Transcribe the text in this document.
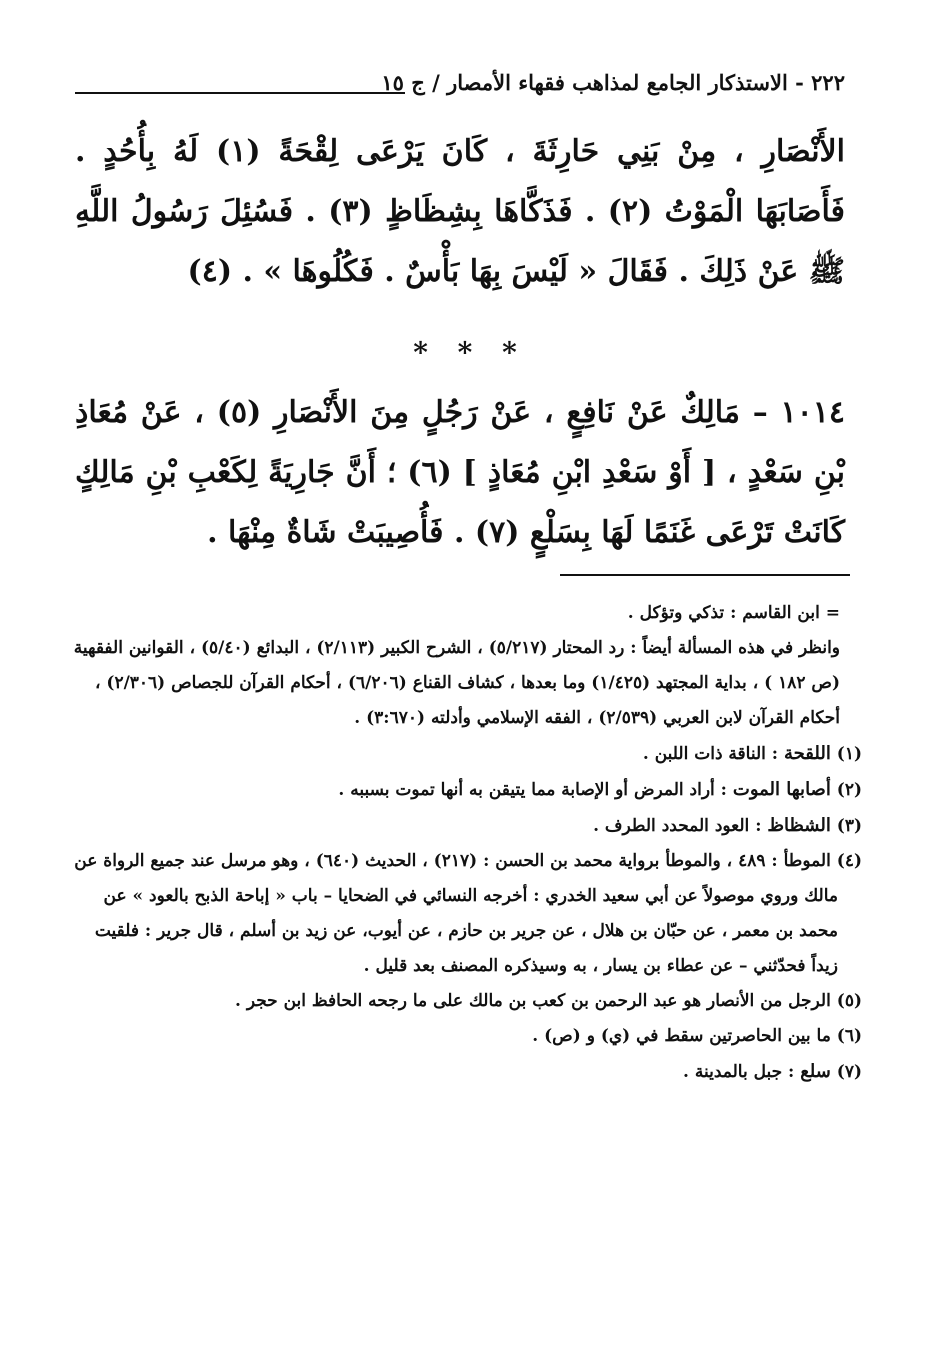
٢٢٢ - الاستذكار الجامع لمذاهب فقهاء الأمصار / ج ١٥

الأَنْصَارِ ، مِنْ بَنِي حَارِثَةَ ، كَانَ يَرْعَى لِقْحَةً (١) لَهُ بِأُحُدٍ . فَأَصَابَهَا الْمَوْتُ (٢) . فَذَكَّاهَا بِشِظَاظٍ (٣) . فَسُئِلَ رَسُولُ اللَّهِ ﷺ عَنْ ذَلِكَ . فَقَالَ « لَيْسَ بِهَا بَأْسٌ . فَكُلُوهَا » . (٤)

* * *

١٠١٤ – مَالِكٌ عَنْ نَافِعٍ ، عَنْ رَجُلٍ مِنَ الأَنْصَارِ (٥) ، عَنْ مُعَاذِ بْنِ سَعْدٍ ، [ أَوْ سَعْدِ ابْنِ مُعَاذٍ ] (٦) ؛ أَنَّ جَارِيَةً لِكَعْبِ بْنِ مَالِكٍ كَانَتْ تَرْعَى غَنَمًا لَهَا بِسَلْعٍ (٧) . فَأُصِيبَتْ شَاةٌ مِنْهَا .

= ابن القاسم : تذكي وتؤكل .

وانظر في هذه المسألة أيضاً : رد المحتار (٥/٢١٧) ، الشرح الكبير (٢/١١٣) ، البدائع (٥/٤٠) ، القوانين الفقهية (ص ١٨٢ ) ، بداية المجتهد (١/٤٢٥) وما بعدها ، كشاف القناع (٦/٢٠٦) ، أحكام القرآن للجصاص (٢/٣٠٦) ، أحكام القرآن لابن العربي (٢/٥٣٩) ، الفقه الإسلامي وأدلته (٣:٦٧٠) .

(١) اللقحة : الناقة ذات اللبن .

(٢) أصابها الموت : أراد المرض أو الإصابة مما يتيقن به أنها تموت بسببه .

(٣) الشظاظ : العود المحدد الطرف .

(٤) الموطأ : ٤٨٩ ، والموطأ برواية محمد بن الحسن : (٢١٧) ، الحديث (٦٤٠) ، وهو مرسل عند جميع الرواة عن مالك وروي موصولاً عن أبي سعيد الخدري : أخرجه النسائي في الضحايا – باب « إباحة الذبح بالعود » عن محمد بن معمر ، عن حبّان بن هلال ، عن جرير بن حازم ، عن أيوب، عن زيد بن أسلم ، قال جرير : فلقيت زيداً فحدّثني – عن عطاء بن يسار ، به وسيذكره المصنف بعد قليل .

(٥) الرجل من الأنصار هو عبد الرحمن بن كعب بن مالك على ما رجحه الحافظ ابن حجر .

(٦) ما بين الحاصرتين سقط في (ي) و (ص) .

(٧) سلع : جبل بالمدينة .
